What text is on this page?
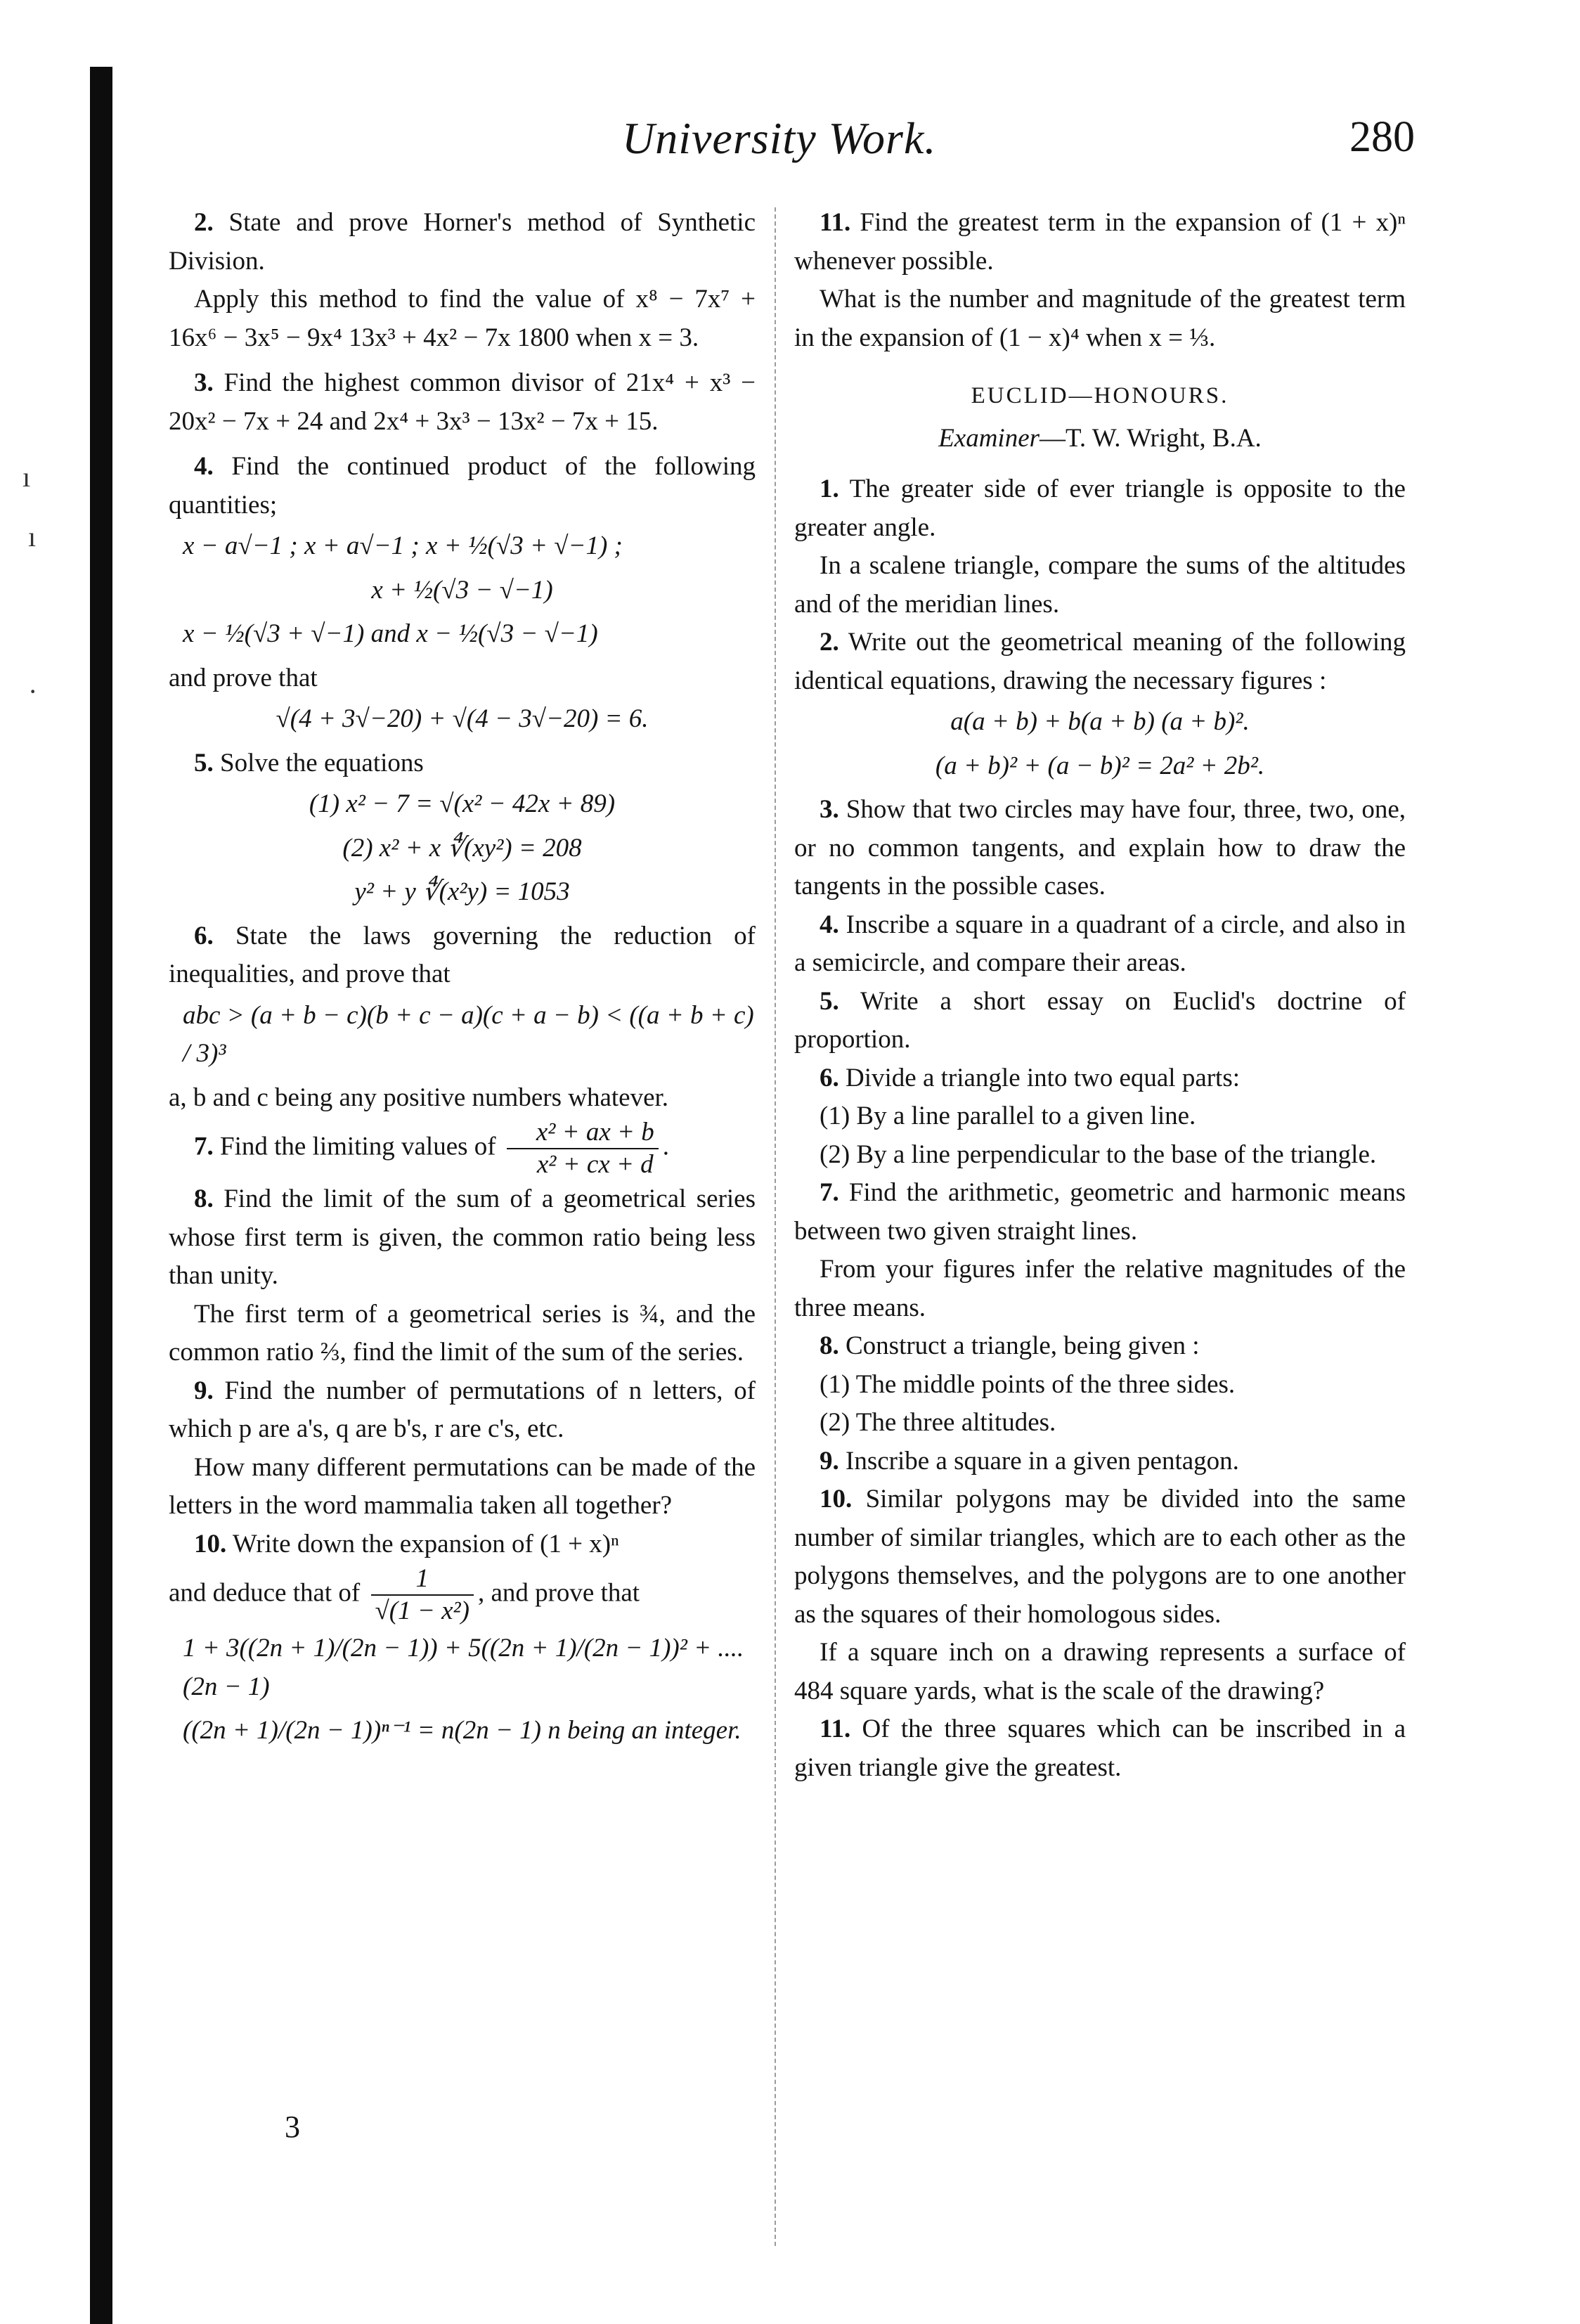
ı
ı
·
University Work.	280

2. State and prove Horner's method of Synthetic Division.

Apply this method to find the value of x⁸ − 7x⁷ + 16x⁶ − 3x⁵ − 9x⁴ 13x³ + 4x² − 7x 1800 when x = 3.

3. Find the highest common divisor of 21x⁴ + x³ − 20x² − 7x + 24 and 2x⁴ + 3x³ − 13x² − 7x + 15.

4. Find the continued product of the following quantities;

x − a√−1 ; x + a√−1 ; x + ½(√3 + √−1) ;

x + ½(√3 − √−1)

x − ½(√3 + √−1) and x − ½(√3 − √−1)

and prove that

√(4 + 3√−20) + √(4 − 3√−20) = 6.

5. Solve the equations

(1) x² − 7 = √(x² − 42x + 89)

(2) x² + x ∜(xy²) = 208

y² + y ∜(x²y) = 1053

6. State the laws governing the reduction of inequalities, and prove that

abc > (a + b − c)(b + c − a)(c + a − b) < ((a + b + c) / 3)³

a, b and c being any positive numbers whatever.

7. Find the limiting values of $\frac{\text{x² + ax + b}}{\text{x² + cx + d}}$ .

8. Find the limit of the sum of a geometrical series whose first term is given, the common ratio being less than unity.

The first term of a geometrical series is ¾, and the common ratio ⅔, find the limit of the sum of the series.

9. Find the number of permutations of n letters, of which p are a's, q are b's, r are c's, etc.

How many different permutations can be made of the letters in the word mammalia taken all together?

10. Write down the expansion of (1 + x)ⁿ

and deduce that of $\frac{1}{\text{√(1 − x²)}}$ , and prove that

1 + 3((2n + 1)/(2n − 1)) + 5((2n + 1)/(2n − 1))² + .... (2n − 1)

((2n + 1)/(2n − 1))ⁿ⁻¹ = n(2n − 1) n being an integer.

3

11. Find the greatest term in the expansion of (1 + x)ⁿ whenever possible.

What is the number and magnitude of the greatest term in the expansion of (1 − x)⁴ when x = ⅓.

EUCLID—HONOURS.
Examiner—T. W. Wright, B.A.

1. The greater side of ever triangle is opposite to the greater angle.

In a scalene triangle, compare the sums of the altitudes and of the meridian lines.

2. Write out the geometrical meaning of the following identical equations, drawing the necessary figures :

a(a + b) + b(a + b) (a + b)².

(a + b)² + (a − b)² = 2a² + 2b².

3. Show that two circles may have four, three, two, one, or no common tangents, and explain how to draw the tangents in the possible cases.

4. Inscribe a square in a quadrant of a circle, and also in a semicircle, and compare their areas.

5. Write a short essay on Euclid's doctrine of proportion.

6. Divide a triangle into two equal parts:

(1) By a line parallel to a given line.

(2) By a line perpendicular to the base of the triangle.

7. Find the arithmetic, geometric and harmonic means between two given straight lines.

From your figures infer the relative magnitudes of the three means.

8. Construct a triangle, being given :

(1) The middle points of the three sides.

(2) The three altitudes.

9. Inscribe a square in a given pentagon.

10. Similar polygons may be divided into the same number of similar triangles, which are to each other as the polygons themselves, and the polygons are to one another as the squares of their homologous sides.

If a square inch on a drawing represents a surface of 484 square yards, what is the scale of the drawing?

11. Of the three squares which can be inscribed in a given triangle give the greatest.
